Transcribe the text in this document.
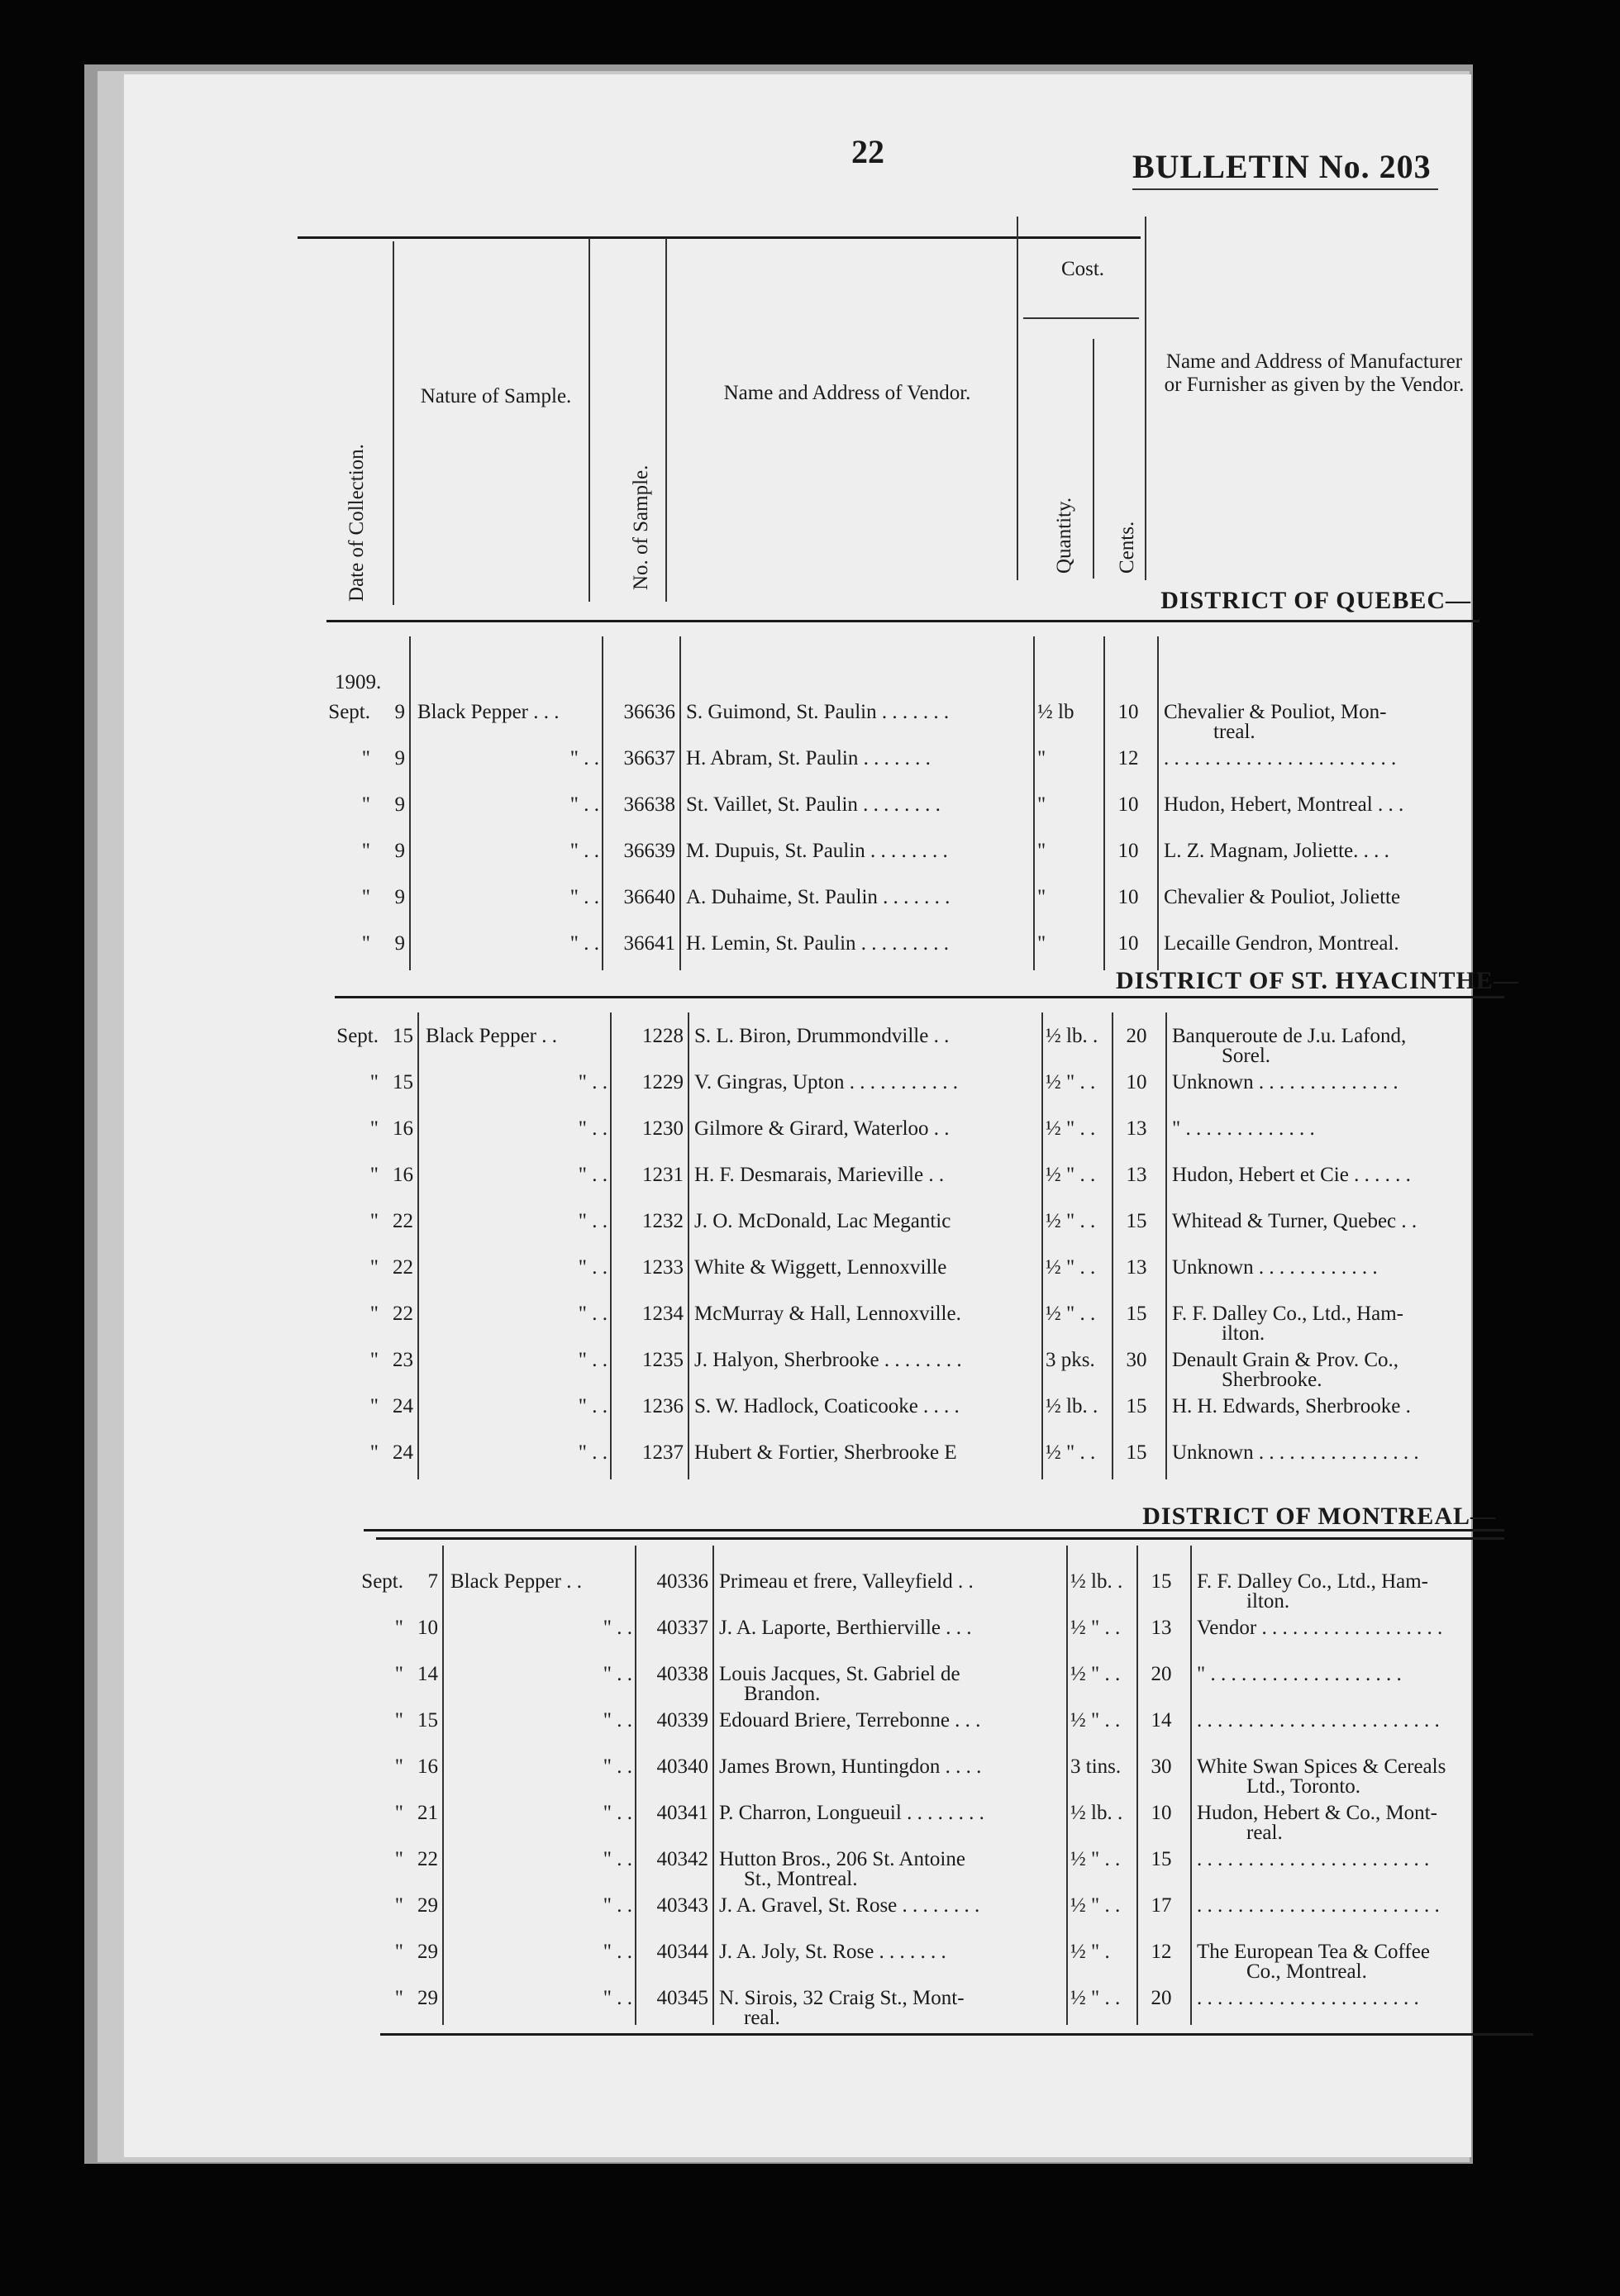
22	BULLETIN No. 203
Date of Collection.
Nature of Sample.
No. of Sample.
Name and Address of Vendor.
Cost.
Quantity. Cents.
Name and Address of Manufacturer or Furnisher as given by the Vendor.
DISTRICT OF QUEBEC—
1909.
Sept.	9 Black Pepper . . .	36636 S. Guimond, St. Paulin . . . . . . .	½ lb	10	Chevalier & Pouliot, Mon-
treal.
"	9	" . .	36637 H. Abram, St. Paulin . . . . . . .	"	12	. . . . . . . . . . . . . . . . . . . . . . .
"	9	" . .	36638 St. Vaillet, St. Paulin . . . . . . . .	"	10	Hudon, Hebert, Montreal . . .
"	9	" . .	36639 M. Dupuis, St. Paulin . . . . . . . .	"	10	L. Z. Magnam, Joliette. . . .
"	9	" . .	36640 A. Duhaime, St. Paulin . . . . . . .	"	10	Chevalier & Pouliot, Joliette
"	9	" . .	36641 H. Lemin, St. Paulin . . . . . . . . .	"	10	Lecaille Gendron, Montreal.
DISTRICT OF ST. HYACINTHE—
Sept. 15 Black Pepper . .	1228 S. L. Biron, Drummondville . .	½ lb. .	20	Banqueroute de J.u. Lafond,
Sorel.
" 15	" . .	1229 V. Gingras, Upton . . . . . . . . . . .	½ " . .	10	Unknown . . . . . . . . . . . . . .
" 16	" . .	1230 Gilmore & Girard, Waterloo . .	½ " . .	13	" . . . . . . . . . . . . .
" 16	" . .	1231 H. F. Desmarais, Marieville . .	½ " . .	13	Hudon, Hebert et Cie . . . . . .
" 22	" . .	1232 J. O. McDonald, Lac Megantic	½ " . .	15	Whitead & Turner, Quebec . .
" 22	" . .	1233 White & Wiggett, Lennoxville	½ " . .	13	Unknown . . . . . . . . . . . .
" 22	" . .	1234 McMurray & Hall, Lennoxville.	½ " . .	15	F. F. Dalley Co., Ltd., Ham-
ilton.
" 23	" . .	1235 J. Halyon, Sherbrooke . . . . . . . .	3 pks.	30	Denault Grain & Prov. Co.,
Sherbrooke.
" 24	" . .	1236 S. W. Hadlock, Coaticooke . . . .	½ lb. .	15	H. H. Edwards, Sherbrooke .
" 24	" . .	1237 Hubert & Fortier, Sherbrooke E	½ " . .	15	Unknown . . . . . . . . . . . . . . . .
DISTRICT OF MONTREAL—
Sept.	7 Black Pepper . .	40336 Primeau et frere, Valleyfield . .	½ lb. .	15	F. F. Dalley Co., Ltd., Ham-
ilton.
" 10	" . .	40337 J. A. Laporte, Berthierville . . .	½ " . .	13	Vendor . . . . . . . . . . . . . . . . . .
" 14	" . .	40338 Louis Jacques, St. Gabriel de
Brandon.
½ " . .	20	" . . . . . . . . . . . . . . . . . . .
" 15	" . .	40339 Edouard Briere, Terrebonne . . .	½ " . .	14	. . . . . . . . . . . . . . . . . . . . . . . .
" 16	" . .	40340 James Brown, Huntingdon . . . .	3 tins.	30	White Swan Spices & Cereals
Ltd., Toronto.
" 21	" . .	40341 P. Charron, Longueuil . . . . . . . .	½ lb. .	10	Hudon, Hebert & Co., Mont-
real.
" 22	" . .	40342 Hutton Bros., 206 St. Antoine
St., Montreal.
½ " . .	15	. . . . . . . . . . . . . . . . . . . . . . .
" 29	" . .	40343 J. A. Gravel, St. Rose . . . . . . . .	½ " . .	17	. . . . . . . . . . . . . . . . . . . . . . . .
" 29	" . .	40344 J. A. Joly, St. Rose . . . . . . .	½ " .	12	The European Tea & Coffee
Co., Montreal.
" 29	" . .	40345 N. Sirois, 32 Craig St., Mont-
real.
½ " . .	20	. . . . . . . . . . . . . . . . . . . . . .
